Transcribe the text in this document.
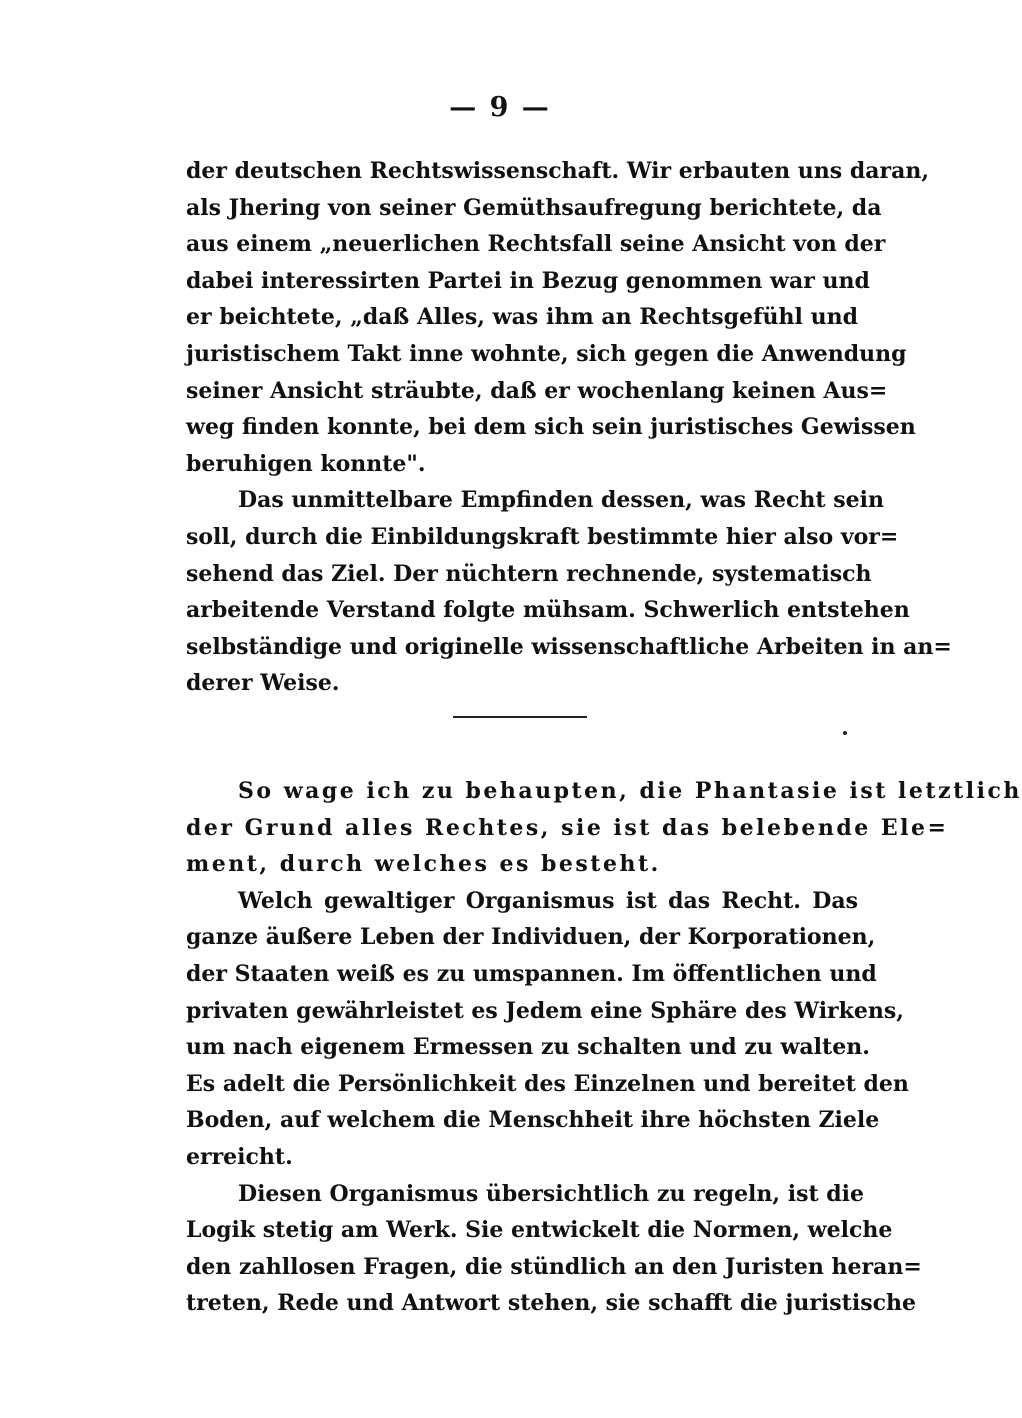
— 9 —
der deutschen Rechtswissenschaft. Wir erbauten uns daran,
als Jhering von seiner Gemüthsaufregung berichtete, da
aus einem „neuerlichen Rechtsfall seine Ansicht von der
dabei interessirten Partei in Bezug genommen war und
er beichtete, „daß Alles, was ihm an Rechtsgefühl und
juristischem Takt inne wohnte, sich gegen die Anwendung
seiner Ansicht sträubte, daß er wochenlang keinen Aus=
weg finden konnte, bei dem sich sein juristisches Gewissen
beruhigen konnte".
Das unmittelbare Empfinden dessen, was Recht sein
soll, durch die Einbildungskraft bestimmte hier also vor=
sehend das Ziel. Der nüchtern rechnende, systematisch
arbeitende Verstand folgte mühsam. Schwerlich entstehen
selbständige und originelle wissenschaftliche Arbeiten in an=
derer Weise.
So wage ich zu behaupten, die Phantasie ist letztlich
der Grund alles Rechtes, sie ist das belebende Ele=
ment, durch welches es besteht.
Welch gewaltiger Organismus ist das Recht. Das
ganze äußere Leben der Individuen, der Korporationen,
der Staaten weiß es zu umspannen. Im öffentlichen und
privaten gewährleistet es Jedem eine Sphäre des Wirkens,
um nach eigenem Ermessen zu schalten und zu walten.
Es adelt die Persönlichkeit des Einzelnen und bereitet den
Boden, auf welchem die Menschheit ihre höchsten Ziele
erreicht.
Diesen Organismus übersichtlich zu regeln, ist die
Logik stetig am Werk. Sie entwickelt die Normen, welche
den zahllosen Fragen, die stündlich an den Juristen heran=
treten, Rede und Antwort stehen, sie schafft die juristische
